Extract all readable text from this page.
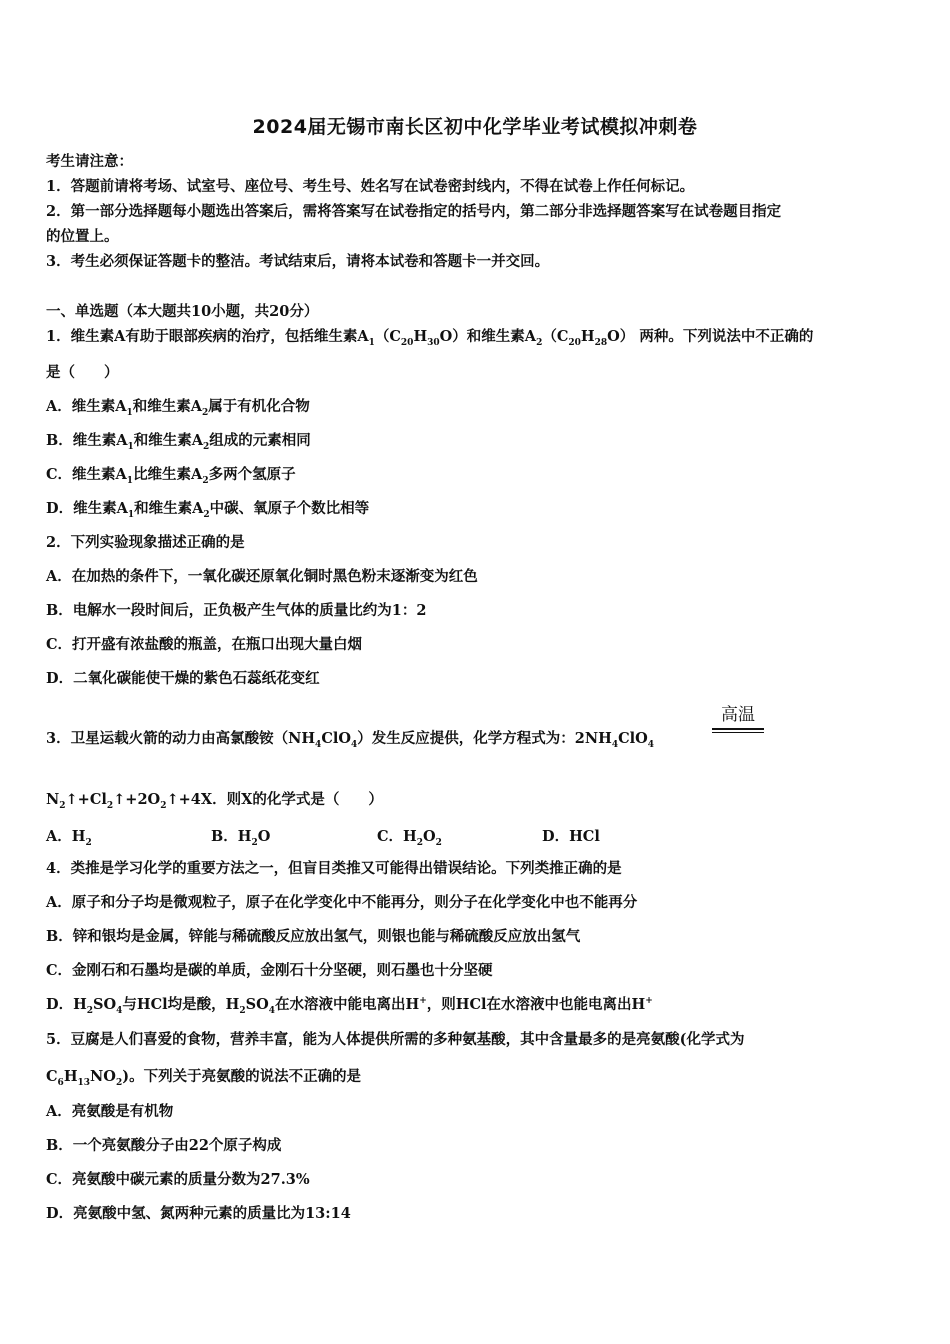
2024届无锡市南长区初中化学毕业考试模拟冲刺卷
考生请注意：
1．答题前请将考场、试室号、座位号、考生号、姓名写在试卷密封线内，不得在试卷上作任何标记。
2．第一部分选择题每小题选出答案后，需将答案写在试卷指定的括号内，第二部分非选择题答案写在试卷题目指定
的位置上。
3．考生必须保证答题卡的整洁。考试结束后，请将本试卷和答题卡一并交回。
一、单选题（本大题共10小题，共20分）
1．维生素A有助于眼部疾病的治疗，包括维生素$A_1(C_{20}H_{30}O)$和维生素$A_2(C_{20}H_{28}O)$ 两种。下列说法中不正确的
是（　　）
A．维生素$A_1$和维生素$A_2$属于有机化合物
B．维生素$A_1$和维生素$A_2$组成的元素相同
C．维生素$A_1$比维生素$A_2$多两个氢原子
D．维生素$A_1$和维生素$A_2$中碳、氧原子个数比相等
2．下列实验现象描述正确的是
A．在加热的条件下，一氧化碳还原氧化铜时黑色粉末逐渐变为红色
B．电解水一段时间后，正负极产生气体的质量比约为1：2
C．打开盛有浓盐酸的瓶盖，在瓶口出现大量白烟
D．二氧化碳能使干燥的紫色石蕊纸花变红
3．卫星运载火箭的动力由高氯酸铵$(NH_4ClO_4)$发生反应提供，化学方程式为：$2NH_4ClO_4$
高温
$N_2↑+Cl_2↑+2O_2↑+4X$．则X的化学式是（　　）
A．$H_2$	B．$H_2O$	C．$H_2O_2$	D．HCl
4．类推是学习化学的重要方法之一，但盲目类推又可能得出错误结论。下列类推正确的是
A．原子和分子均是微观粒子，原子在化学变化中不能再分，则分子在化学变化中也不能再分
B．锌和银均是金属，锌能与稀硫酸反应放出氢气，则银也能与稀硫酸反应放出氢气
C．金刚石和石墨均是碳的单质，金刚石十分坚硬，则石墨也十分坚硬
D．$H_2SO_4$与HCl均是酸，$H_2SO_4$在水溶液中能电离出H+，则HCl在水溶液中也能电离出H+
5．豆腐是人们喜爱的食物，营养丰富，能为人体提供所需的多种氨基酸，其中含量最多的是亮氨酸(化学式为
$C_6H_{13}NO_2$)。下列关于亮氨酸的说法不正确的是
A．亮氨酸是有机物
B．一个亮氨酸分子由22个原子构成
C．亮氨酸中碳元素的质量分数为27.3%
D．亮氨酸中氢、氮两种元素的质量比为13:14
